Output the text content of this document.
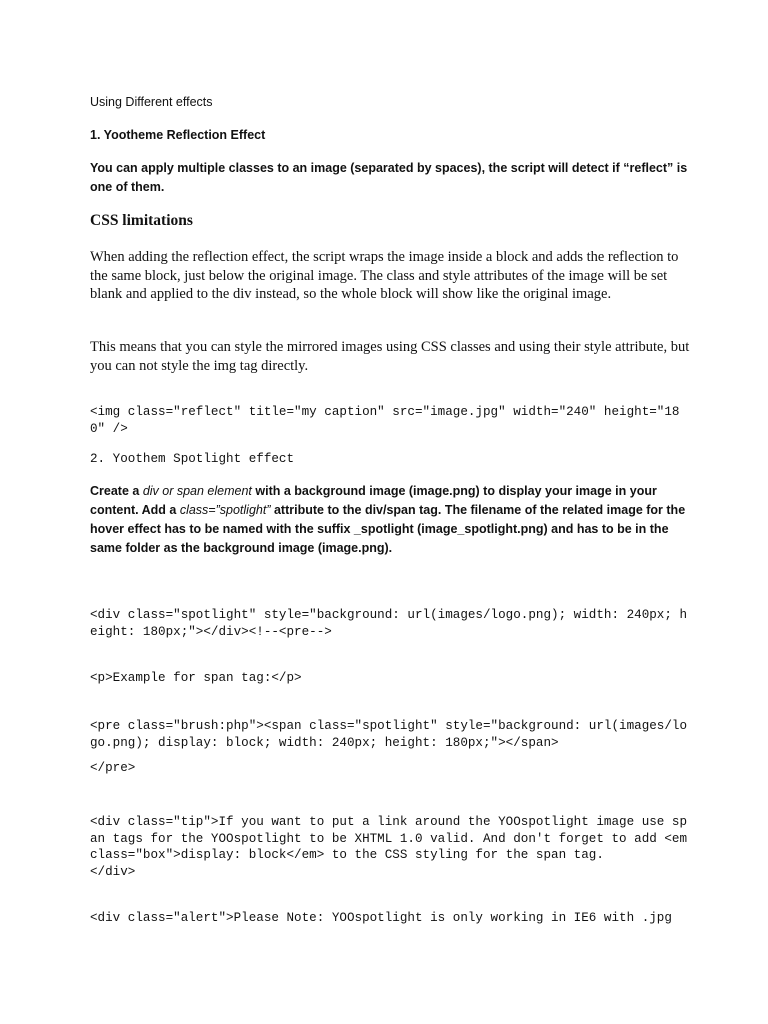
Using Different effects

1. Yootheme Reflection Effect

You can apply multiple classes to an image (separated by spaces), the script will detect if “reflect” is one of them.

CSS limitations

When adding the reflection effect, the script wraps the image inside a block and adds the reflection to the same block, just below the original image. The class and style attributes of the image will be set blank and applied to the div instead, so the whole block will show like the original image.

This means that you can style the mirrored images using CSS classes and using their style attribute, but you can not style the img tag directly.

<img class="reflect" title="my caption" src="image.jpg" width="240" height="180" />

2. Yoothem Spotlight effect

Create a div or span element with a background image (image.png) to display your image in your content. Add a class=”spotlight” attribute to the div/span tag. The filename of the related image for the hover effect has to be named with the suffix _spotlight (image_spotlight.png) and has to be in the same folder as the background image (image.png).

<div class="spotlight" style="background: url(images/logo.png); width: 240px; height: 180px;"></div><!--<pre-->

<p>Example for span tag:</p>

<pre class="brush:php"><span class="spotlight" style="background: url(images/logo.png); display: block; width: 240px; height: 180px;"></span>

</pre>

<div class="tip">If you want to put a link around the YOOspotlight image use span tags for the YOOspotlight to be XHTML 1.0 valid. And don't forget to add <em class="box">display: block</em> to the CSS styling for the span tag.
</div>

<div class="alert">Please Note: YOOspotlight is only working in IE6 with .jpg
